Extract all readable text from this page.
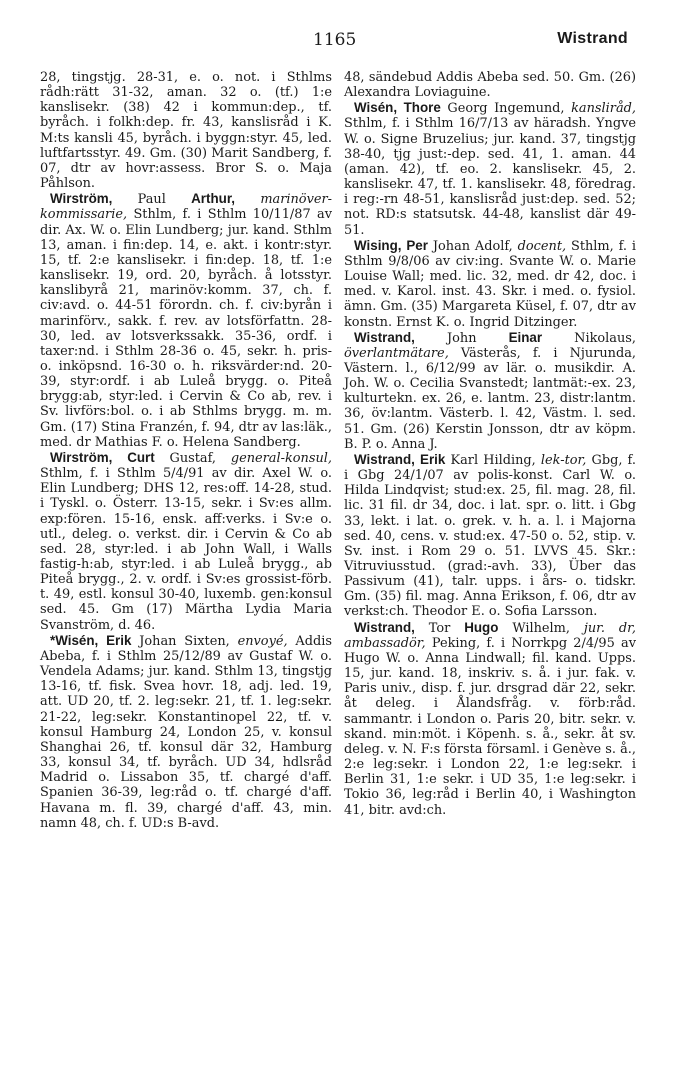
1165	Wistrand

28, tingstjg. 28-31, e. o. not. i Sthlms rådh:rätt 31-32, aman. 32 o. (tf.) 1:e kanslisekr. (38) 42 i kommun:dep., tf. byråch. i folkh:dep. fr. 43, kanslisråd i K. M:ts kansli 45, byråch. i byggn:styr. 45, led. luftfartsstyr. 49. Gm. (30) Marit Sandberg, f. 07, dtr av hovr:assess. Bror S. o. Maja Påhlson.

Wirström, Paul Arthur, marinöver-kommissarie, Sthlm, f. i Sthlm 10/11/87 av dir. Ax. W. o. Elin Lundberg; jur. kand. Sthlm 13, aman. i fin:dep. 14, e. akt. i kontr:styr. 15, tf. 2:e kanslisekr. i fin:dep. 18, tf. 1:e kanslisekr. 19, ord. 20, byråch. å lotsstyr. kanslibyrå 21, marinöv:komm. 37, ch. f. civ:avd. o. 44-51 förordn. ch. f. civ:byrån i marinförv., sakk. f. rev. av lotsförfattn. 28-30, led. av lotsverkssakk. 35-36, ordf. i taxer:nd. i Sthlm 28-36 o. 45, sekr. h. pris- o. inköpsnd. 16-30 o. h. riksvärder:nd. 20-39, styr:ordf. i ab Luleå brygg. o. Piteå brygg:ab, styr:led. i Cervin & Co ab, rev. i Sv. livförs:bol. o. i ab Sthlms brygg. m. m. Gm. (17) Stina Franzén, f. 94, dtr av las:läk., med. dr Mathias F. o. Helena Sandberg.

Wirström, Curt Gustaf, general-konsul, Sthlm, f. i Sthlm 5/4/91 av dir. Axel W. o. Elin Lundberg; DHS 12, res:off. 14-28, stud. i Tyskl. o. Österr. 13-15, sekr. i Sv:es allm. exp:fören. 15-16, ensk. aff:verks. i Sv:e o. utl., deleg. o. verkst. dir. i Cervin & Co ab sed. 28, styr:led. i ab John Wall, i Walls fastig-h:ab, styr:led. i ab Luleå brygg., ab Piteå brygg., 2. v. ordf. i Sv:es grossist-förb. t. 49, estl. konsul 30-40, luxemb. gen:konsul sed. 45. Gm (17) Märtha Lydia Maria Svanström, d. 46.

*Wisén, Erik Johan Sixten, envoyé, Addis Abeba, f. i Sthlm 25/12/89 av Gustaf W. o. Vendela Adams; jur. kand. Sthlm 13, tingstjg 13-16, tf. fisk. Svea hovr. 18, adj. led. 19, att. UD 20, tf. 2. leg:sekr. 21, tf. 1. leg:sekr. 21-22, leg:sekr. Konstantinopel 22, tf. v. konsul Hamburg 24, London 25, v. konsul Shanghai 26, tf. konsul där 32, Hamburg 33, konsul 34, tf. byråch. UD 34, hdlsråd Madrid o. Lissabon 35, tf. chargé d'aff. Spanien 36-39, leg:råd o. tf. chargé d'aff. Havana m. fl. 39, chargé d'aff. 43, min. namn 48, ch. f. UD:s B-avd.

48, sändebud Addis Abeba sed. 50. Gm. (26) Alexandra Loviaguine.

Wisén, Thore Georg Ingemund, kansliråd, Sthlm, f. i Sthlm 16/7/13 av häradsh. Yngve W. o. Signe Bruzelius; jur. kand. 37, tingstjg 38-40, tjg just:-dep. sed. 41, 1. aman. 44 (aman. 42), tf. eo. 2. kanslisekr. 45, 2. kanslisekr. 47, tf. 1. kanslisekr. 48, föredrag. i reg:-rn 48-51, kanslisråd just:dep. sed. 52; not. RD:s statsutsk. 44-48, kanslist där 49-51.

Wising, Per Johan Adolf, docent, Sthlm, f. i Sthlm 9/8/06 av civ:ing. Svante W. o. Marie Louise Wall; med. lic. 32, med. dr 42, doc. i med. v. Karol. inst. 43. Skr. i med. o. fysiol. ämn. Gm. (35) Margareta Küsel, f. 07, dtr av konstn. Ernst K. o. Ingrid Ditzinger.

Wistrand, John Einar Nikolaus, överlantmätare, Västerås, f. i Njurunda, Västern. l., 6/12/99 av lär. o. musikdir. A. Joh. W. o. Cecilia Svanstedt; lantmät:-ex. 23, kulturtekn. ex. 26, e. lantm. 23, distr:lantm. 36, öv:lantm. Västerb. l. 42, Västm. l. sed. 51. Gm. (26) Kerstin Jonsson, dtr av köpm. B. P. o. Anna J.

Wistrand, Erik Karl Hilding, lek-tor, Gbg, f. i Gbg 24/1/07 av polis-konst. Carl W. o. Hilda Lindqvist; stud:ex. 25, fil. mag. 28, fil. lic. 31 fil. dr 34, doc. i lat. spr. o. litt. i Gbg 33, lekt. i lat. o. grek. v. h. a. l. i Majorna sed. 40, cens. v. stud:ex. 47-50 o. 52, stip. v. Sv. inst. i Rom 29 o. 51. LVVS 45. Skr.: Vitruviusstud. (grad:-avh. 33), Über das Passivum (41), talr. upps. i års- o. tidskr. Gm. (35) fil. mag. Anna Erikson, f. 06, dtr av verkst:ch. Theodor E. o. Sofia Larsson.

Wistrand, Tor Hugo Wilhelm, jur. dr, ambassadör, Peking, f. i Norrkpg 2/4/95 av Hugo W. o. Anna Lindwall; fil. kand. Upps. 15, jur. kand. 18, inskriv. s. å. i jur. fak. v. Paris univ., disp. f. jur. drsgrad där 22, sekr. åt deleg. i Ålandsfråg. v. förb:råd. sammantr. i London o. Paris 20, bitr. sekr. v. skand. min:möt. i Köpenh. s. å., sekr. åt sv. deleg. v. N. F:s första församl. i Genève s. å., 2:e leg:sekr. i London 22, 1:e leg:sekr. i Berlin 31, 1:e sekr. i UD 35, 1:e leg:sekr. i Tokio 36, leg:råd i Berlin 40, i Washington 41, bitr. avd:ch.
